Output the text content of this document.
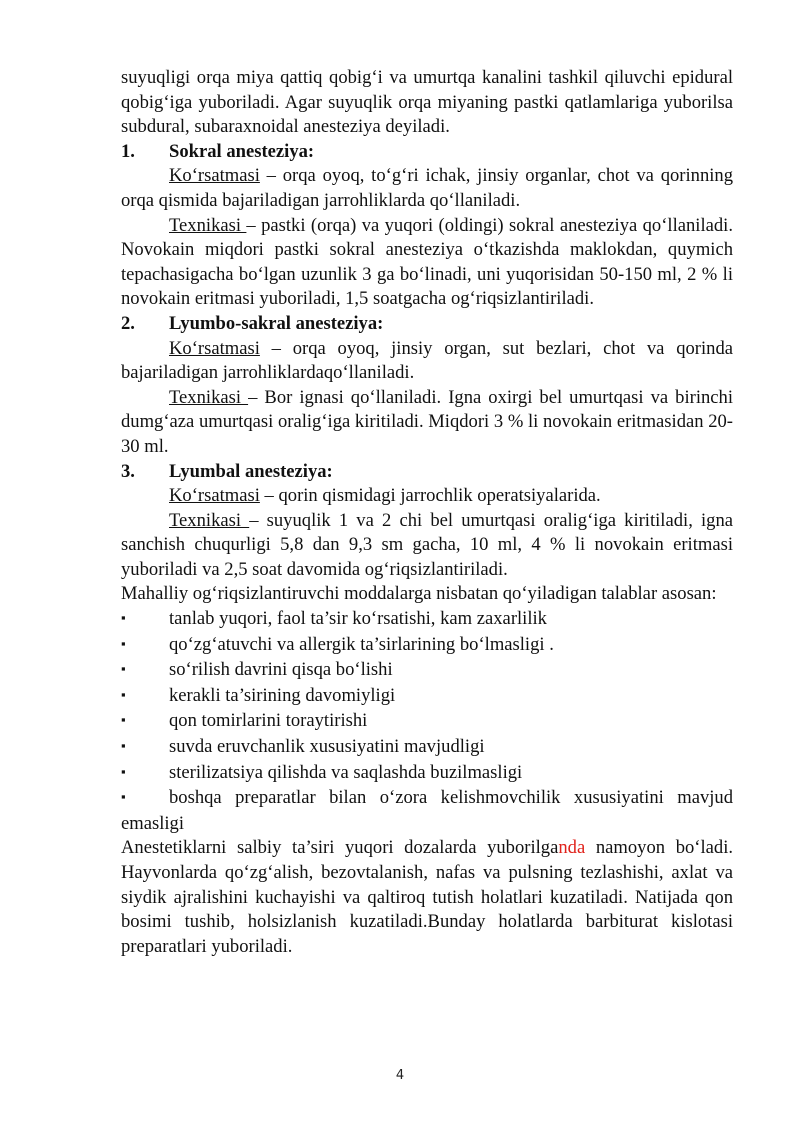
suyuqligi orqa miya qattiq qobig‘i va umurtqa kanalini tashkil qiluvchi epidural qobig‘iga yuboriladi. Agar suyuqlik orqa miyaning pastki qatlamlariga yuborilsa subdural, subaraxnoidal anesteziya deyiladi.

1.	Sokral anesteziya:

Ko‘rsatmasi – orqa oyoq, to‘g‘ri ichak, jinsiy organlar, chot va qorinning orqa qismida bajariladigan jarrohliklarda qo‘llaniladi.

Texnikasi – pastki (orqa) va yuqori (oldingi) sokral anesteziya qo‘llaniladi. Novokain miqdori pastki sokral anesteziya o‘tkazishda maklokdan, quymich tepachasigacha bo‘lgan uzunlik 3 ga bo‘linadi, uni yuqorisidan 50-150 ml, 2 % li novokain eritmasi yuboriladi, 1,5 soatgacha og‘riqsizlantiriladi.

2.	Lyumbo-sakral anesteziya:

Ko‘rsatmasi – orqa oyoq, jinsiy organ, sut bezlari, chot va qorinda bajariladigan jarrohliklardaqo‘llaniladi.

Texnikasi – Bor ignasi qo‘llaniladi. Igna oxirgi bel umurtqasi va birinchi dumg‘aza umurtqasi oralig‘iga kiritiladi. Miqdori 3 % li novokain eritmasidan 20-30 ml.

3.	Lyumbal anesteziya:

Ko‘rsatmasi – qorin qismidagi jarrochlik operatsiyalarida.

Texnikasi – suyuqlik 1 va 2 chi bel umurtqasi oralig‘iga kiritiladi, igna sanchish chuqurligi 5,8 dan 9,3 sm gacha, 10 ml, 4 % li novokain eritmasi yuboriladi va 2,5 soat davomida og‘riqsizlantiriladi.

Mahalliy og‘riqsizlantiruvchi moddalarga nisbatan qo‘yiladigan talablar asosan:

▪	tanlab yuqori, faol ta’sir ko‘rsatishi, kam zaxarlilik
▪	qo‘zg‘atuvchi va allergik ta’sirlarining bo‘lmasligi .
▪	so‘rilish davrini qisqa bo‘lishi
▪	kerakli ta’sirining davomiyligi
▪	qon tomirlarini toraytirishi
▪	suvda eruvchanlik xususiyatini mavjudligi
▪	sterilizatsiya qilishda va saqlashda buzilmasligi

▪ boshqa preparatlar bilan o‘zora kelishmovchilik xususiyatini mavjud emasligi

Anestetiklarni salbiy ta’siri yuqori dozalarda yuborilganda namoyon bo‘ladi. Hayvonlarda qo‘zg‘alish, bezovtalanish, nafas va pulsning tezlashishi, axlat va siydik ajralishini kuchayishi va qaltiroq tutish holatlari kuzatiladi. Natijada qon bosimi tushib, holsizlanish kuzatiladi.Bunday holatlarda barbiturat kislotasi preparatlari yuboriladi.

4
